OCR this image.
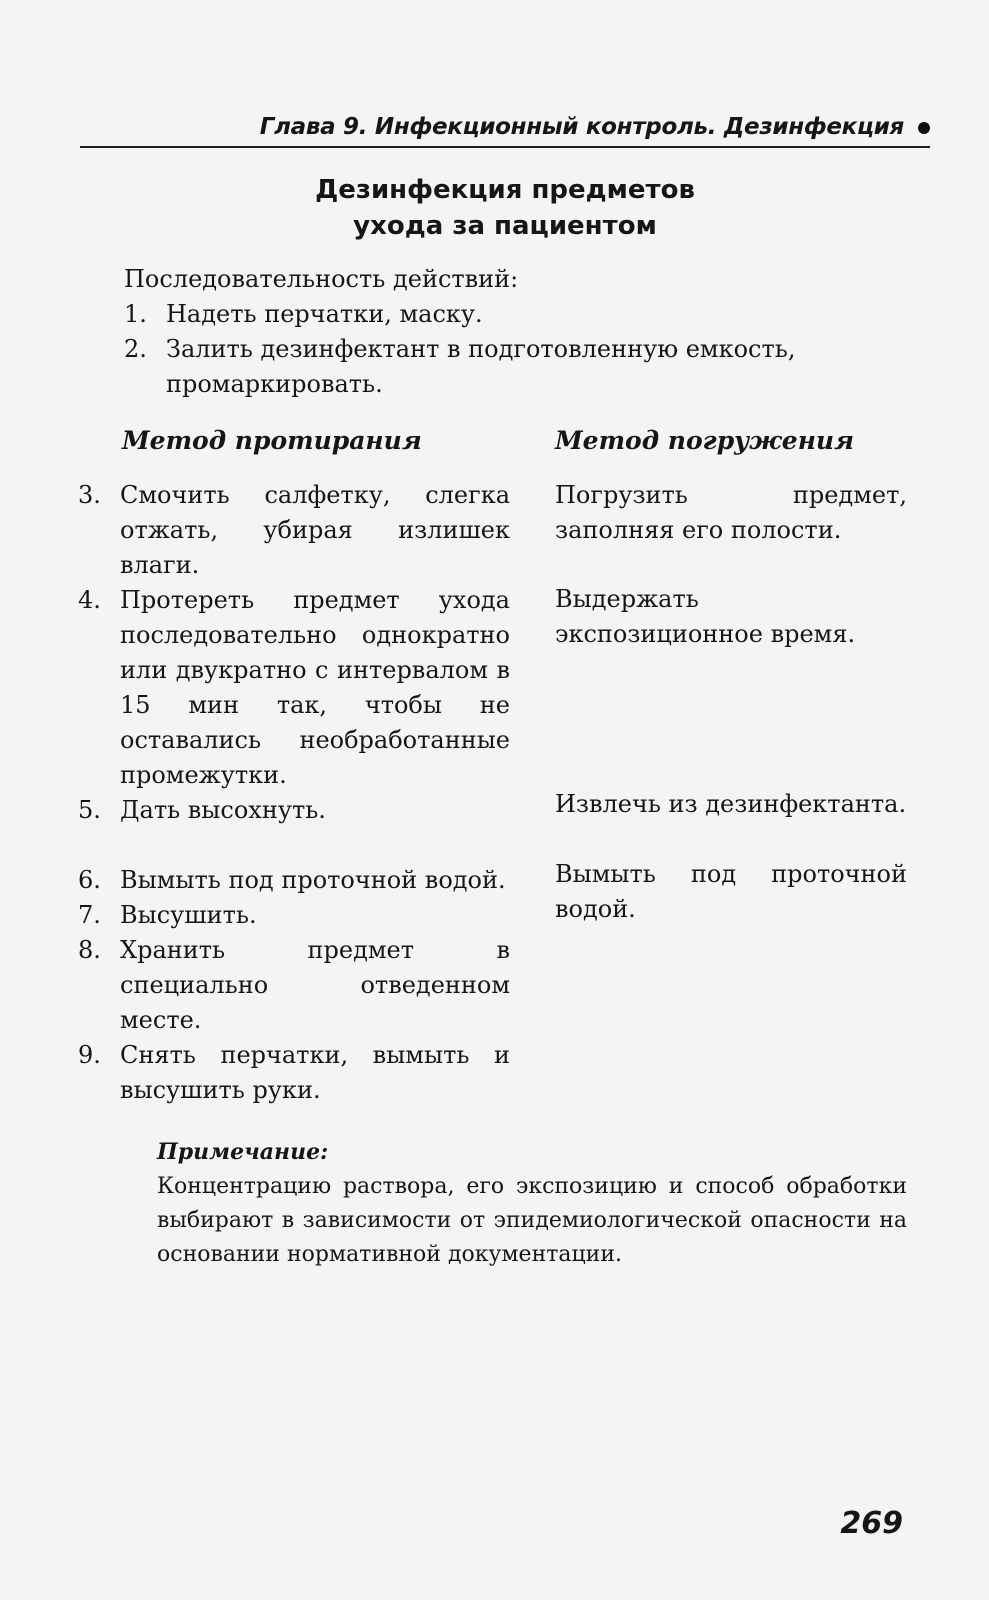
Глава 9. Инфекционный контроль. Дезинфекция
Дезинфекция предметов
ухода за пациентом
Последовательность действий:
1. Надеть перчатки, маску.
2. Залить дезинфектант в подготовленную емкость, промаркировать.
Метод протирания	Метод погружения
3. Смочить салфетку, слегка отжать, убирая излишек влаги.
4. Протереть предмет ухода последовательно однократно или двукратно с интервалом в 15 мин так, чтобы не оставались необработанные промежутки.
5. Дать высохнуть.
6. Вымыть под проточной водой.
7. Высушить.
8. Хранить предмет в специально отведенном месте.
9. Снять перчатки, вымыть и высушить руки.
Погрузить предмет, заполняя его полости.
Выдержать экспозиционное время.
Извлечь из дезинфектанта.
Вымыть под проточной водой.
Примечание:
Концентрацию раствора, его экспозицию и способ обработки выбирают в зависимости от эпидемиологической опасности на основании нормативной документации.
269
